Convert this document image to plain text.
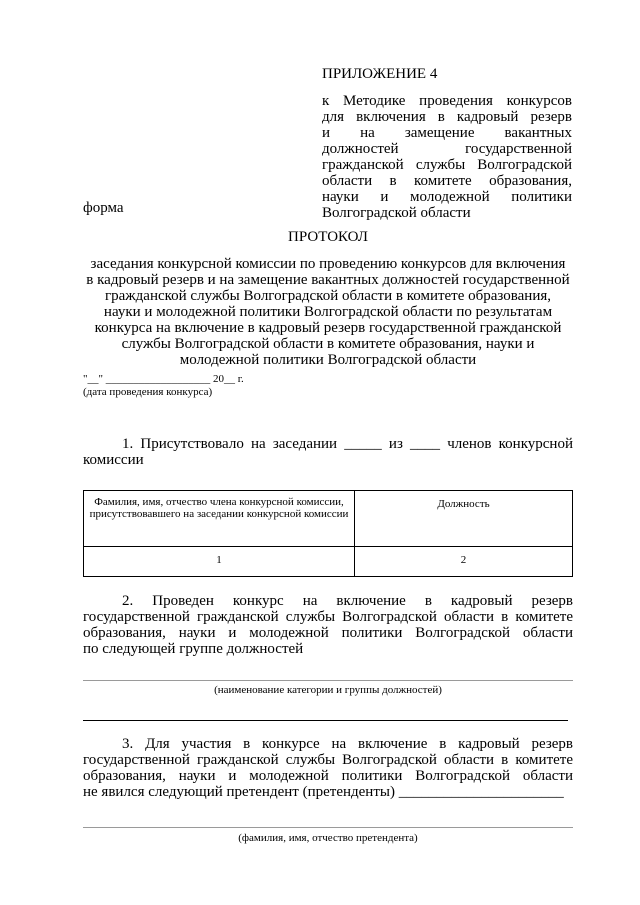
ПРИЛОЖЕНИЕ 4
к Методике проведения конкурсов
для включения в кадровый резерв
и на замещение вакантных
должностей государственной
гражданской службы Волгоградской
области в комитете образования,
науки и молодежной политики
Волгоградской области
форма
ПРОТОКОЛ
заседания конкурсной комиссии по проведению конкурсов для включения
в кадровый резерв и на замещение вакантных должностей государственной
гражданской службы Волгоградской области в комитете образования,
науки и молодежной политики Волгоградской области по результатам
конкурса на включение в кадровый резерв государственной гражданской
службы Волгоградской области в комитете образования, науки и
молодежной политики Волгоградской области
"__" ___________________ 20__ г.
(дата проведения конкурса)
1. Присутствовало на заседании _____ из ____ членов конкурсной
комиссии
Фамилия, имя, отчество члена конкурсной комиссии, присутствовавшего на заседании конкурсной комиссии	Должность
1	2
2. Проведен конкурс на включение в кадровый резерв
государственной гражданской службы Волгоградской области в комитете
образования, науки и молодежной политики Волгоградской области
по следующей группе должностей
(наименование категории и группы должностей)
3. Для участия в конкурсе на включение в кадровый резерв
государственной гражданской службы Волгоградской области в комитете
образования, науки и молодежной политики Волгоградской области
не явился следующий претендент (претенденты) ______________________
(фамилия, имя, отчество претендента)
